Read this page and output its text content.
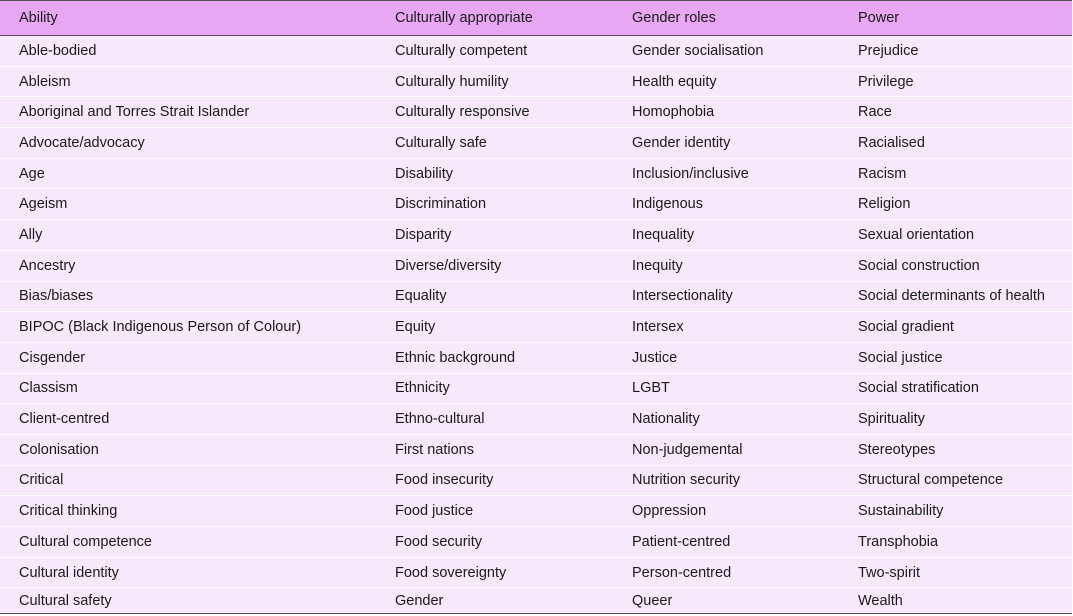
Ability	Culturally appropriate	Gender roles	Power
Able-bodied	Culturally competent	Gender socialisation	Prejudice
Ableism	Culturally humility	Health equity	Privilege
Aboriginal and Torres Strait Islander	Culturally responsive	Homophobia	Race
Advocate/advocacy	Culturally safe	Gender identity	Racialised
Age	Disability	Inclusion/inclusive	Racism
Ageism	Discrimination	Indigenous	Religion
Ally	Disparity	Inequality	Sexual orientation
Ancestry	Diverse/diversity	Inequity	Social construction
Bias/biases	Equality	Intersectionality	Social determinants of health
BIPOC (Black Indigenous Person of Colour)	Equity	Intersex	Social gradient
Cisgender	Ethnic background	Justice	Social justice
Classism	Ethnicity	LGBT	Social stratification
Client-centred	Ethno-cultural	Nationality	Spirituality
Colonisation	First nations	Non-judgemental	Stereotypes
Critical	Food insecurity	Nutrition security	Structural competence
Critical thinking	Food justice	Oppression	Sustainability
Cultural competence	Food security	Patient-centred	Transphobia
Cultural identity	Food sovereignty	Person-centred	Two-spirit
Cultural safety	Gender	Queer	Wealth
